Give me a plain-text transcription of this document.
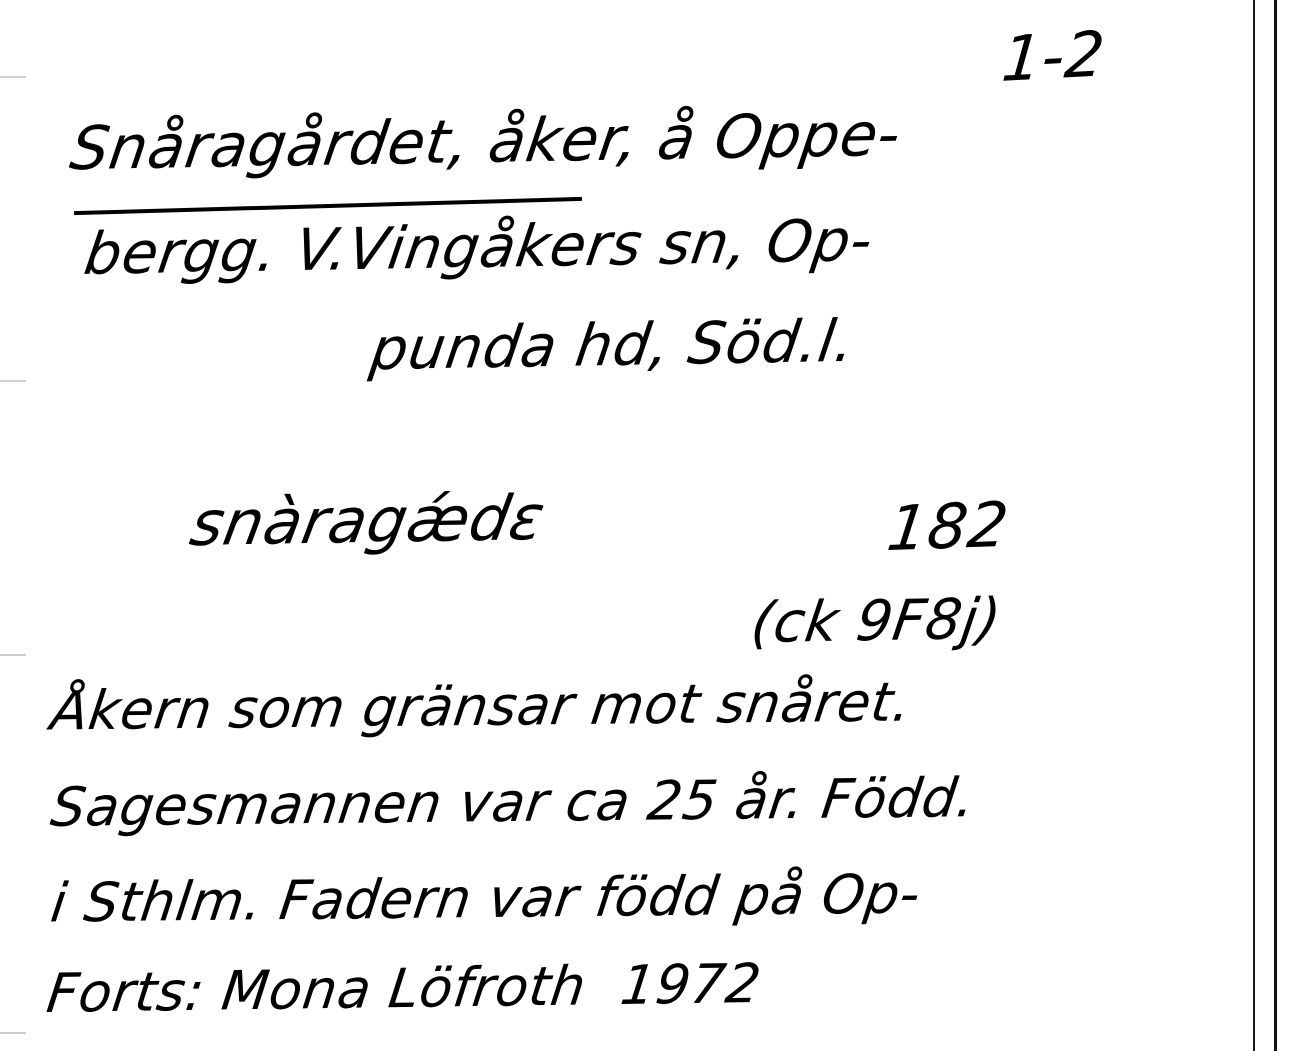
1-2
Snåragårdet, åker, å Oppe-
bergg. V.Vingåkers sn, Op-
punda hd, Söd.l.
snàragǽdԑ	182
(ck 9F8j)
Åkern som gränsar mot snåret.
Sagesmannen var ca 25 år. Född.
i Sthlm. Fadern var född på Op-
Forts: Mona Löfroth  1972
